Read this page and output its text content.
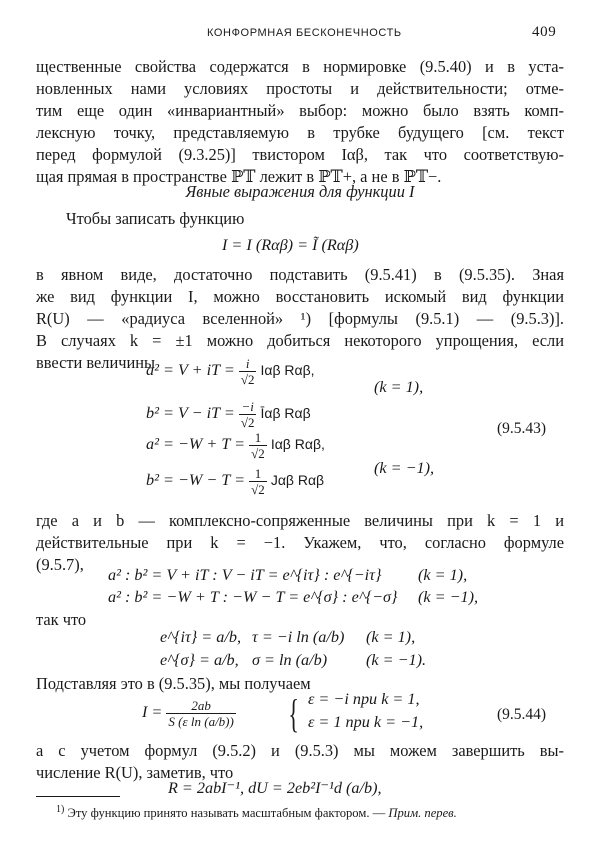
КОНФОРМНАЯ БЕСКОНЕЧНОСТЬ	409
щественные свойства содержатся в нормировке (9.5.40) и в уста-
новленных нами условиях простоты и действительности; отме-
тим еще один «инвариантный» выбор: можно было взять комп-
лексную точку, представляемую в трубке будущего [см. текст
перед формулой (9.3.25)] твистором Iαβ, так что соответствую-
щая прямая в пространстве ℙ𝕋 лежит в ℙ𝕋+, а не в ℙ𝕋−.
Явные выражения для функции I
Чтобы записать функцию
I = I (Rαβ) = Ĩ (Rαβ)
в явном виде, достаточно подставить (9.5.41) в (9.5.35). Зная
же вид функции I, можно восстановить искомый вид функции
R(U) — «радиуса вселенной» ¹) [формулы (9.5.1) — (9.5.3)].
В случаях k = ±1 можно добиться некоторого упрощения, если
ввести величины
a² = V + iT = $\frac{i}{√2}$ Iαβ Rαβ,
b² = V − iT = $\frac{-i}{√2}$ Īαβ Rαβ
$a^2 = -W + T = \frac{1}{√2}$ Iαβ Rαβ,
$b^2 = -W - T = \frac{1}{√2}$ Jαβ Rαβ
(k = 1),
(k = −1),
(9.5.43)
где a и b — комплексно-сопряженные величины при k = 1 и
действительные при k = −1. Укажем, что, согласно формуле
(9.5.7),
a² : b² = V + iT : V − iT = e^{iτ} : e^{−iτ} (k = 1),
a² : b² = −W + T : −W − T = e^{σ} : e^{−σ} (k = −1),
так что
e^{iτ} = a/b, τ = −i ln (a/b) (k = 1),
e^{σ} = a/b, σ = ln (a/b) (k = −1).
Подставляя это в (9.5.35), мы получаем
$I = \frac{2ab}{\text{S (ε ln (a/b))}}$ { ε = −i при k = 1,
ε = 1 при k = −1,	(9.5.44)
а с учетом формул (9.5.2) и (9.5.3) мы можем завершить вы-
числение R(U), заметив, что
R = 2abI⁻¹, dU = 2eb²I⁻¹d (a/b),
$^{1)}$ Эту функцию принято называть масштабным фактором. — Прим. перев.
